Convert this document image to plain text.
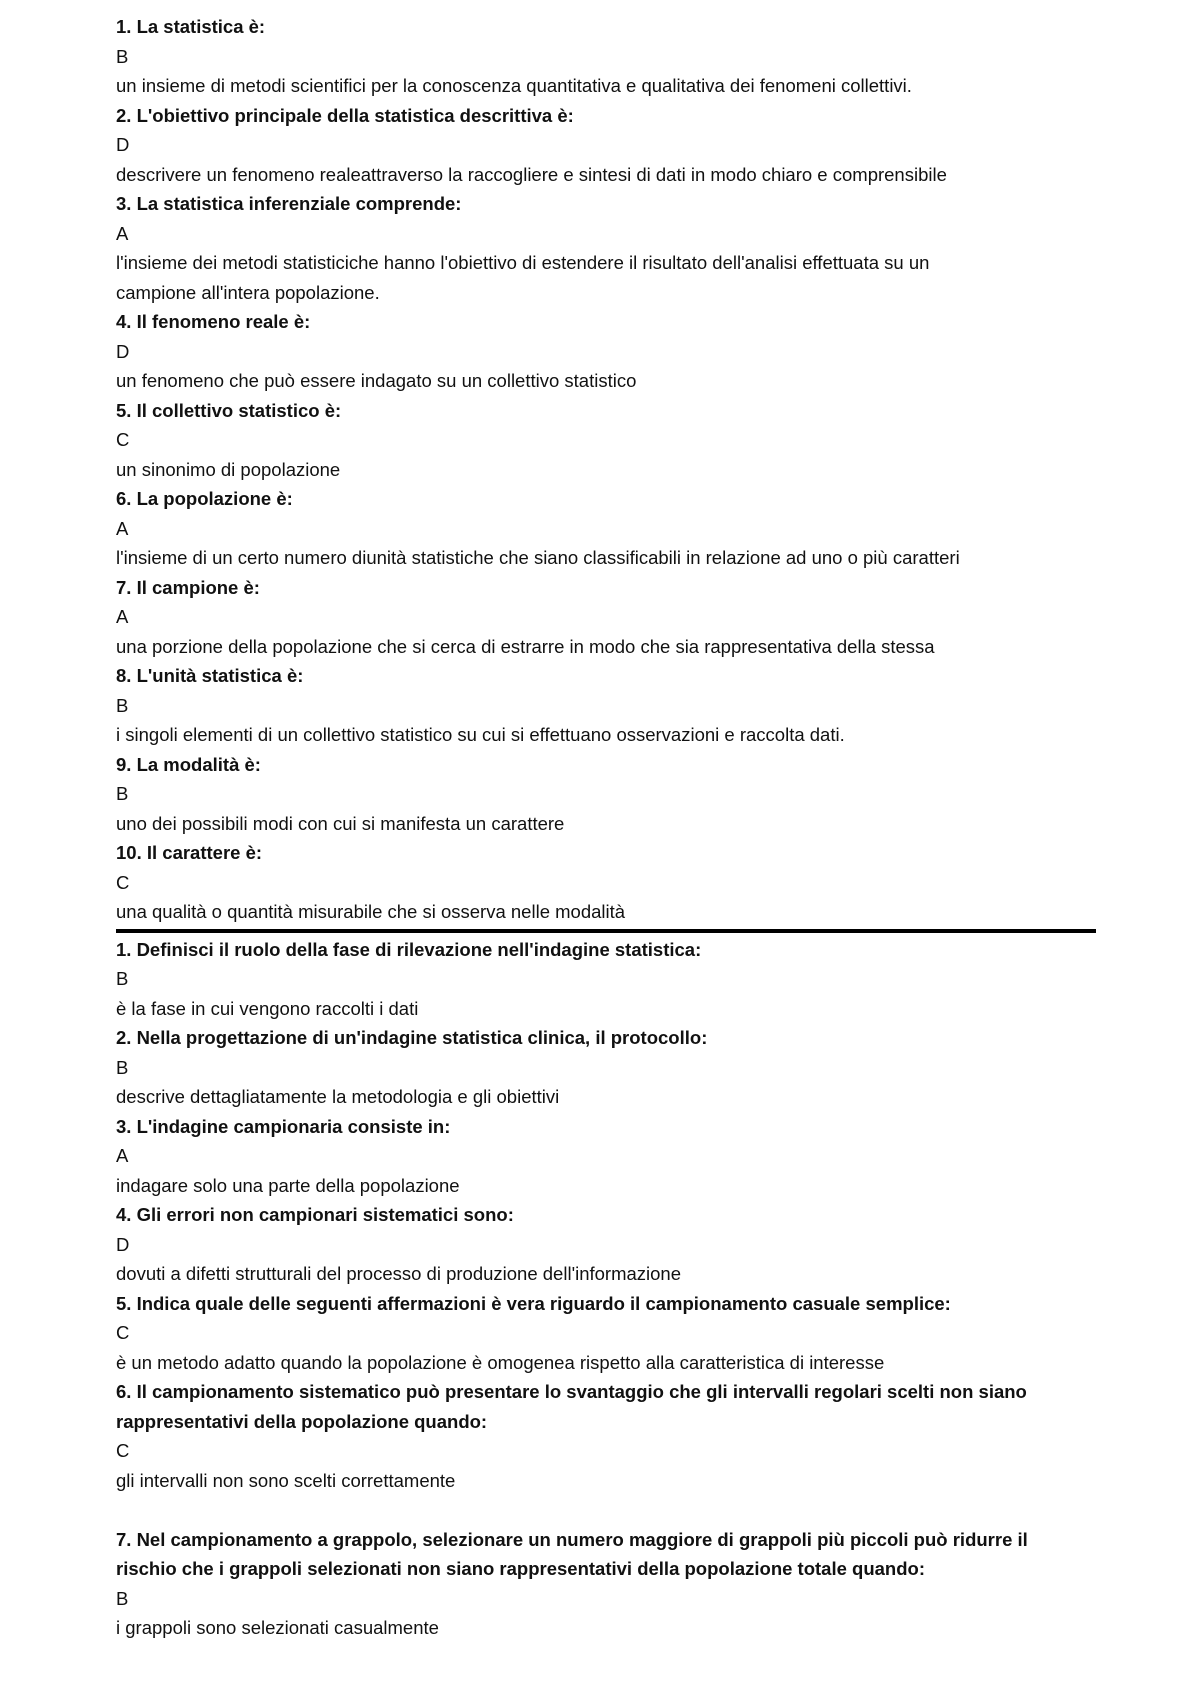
1. La statistica è:
B
un insieme di metodi scientifici per la conoscenza quantitativa e qualitativa dei fenomeni collettivi.
2. L'obiettivo principale della statistica descrittiva è:
D
descrivere un fenomeno realeattraverso la raccogliere e sintesi di dati in modo chiaro e comprensibile
3. La statistica inferenziale comprende:
A
l'insieme dei metodi statisticiche hanno l'obiettivo di estendere il risultato dell'analisi effettuata su un
campione all'intera popolazione.
4. Il fenomeno reale è:
D
un fenomeno che può essere indagato su un collettivo statistico
5. Il collettivo statistico è:
C
un sinonimo di popolazione
6. La popolazione è:
A
l'insieme di un certo numero diunità statistiche che siano classificabili in relazione ad uno o più caratteri
7. Il campione è:
A
una porzione della popolazione che si cerca di estrarre in modo che sia rappresentativa della stessa
8. L'unità statistica è:
B
i singoli elementi di un collettivo statistico su cui si effettuano osservazioni e raccolta dati.
9. La modalità è:
B
uno dei possibili modi con cui si manifesta un carattere
10. Il carattere è:
C
una qualità o quantità misurabile che si osserva nelle modalità
1. Definisci il ruolo della fase di rilevazione nell'indagine statistica:
B
è la fase in cui vengono raccolti i dati
2. Nella progettazione di un'indagine statistica clinica, il protocollo:
B
descrive dettagliatamente la metodologia e gli obiettivi
3. L'indagine campionaria consiste in:
A
indagare solo una parte della popolazione
4. Gli errori non campionari sistematici sono:
D
dovuti a difetti strutturali del processo di produzione dell'informazione
5. Indica quale delle seguenti affermazioni è vera riguardo il campionamento casuale semplice:
C
è un metodo adatto quando la popolazione è omogenea rispetto alla caratteristica di interesse
6. Il campionamento sistematico può presentare lo svantaggio che gli intervalli regolari scelti non siano
rappresentativi della popolazione quando:
C
gli intervalli non sono scelti correttamente
7. Nel campionamento a grappolo, selezionare un numero maggiore di grappoli più piccoli può ridurre il
rischio che i grappoli selezionati non siano rappresentativi della popolazione totale quando:
B
i grappoli sono selezionati casualmente
